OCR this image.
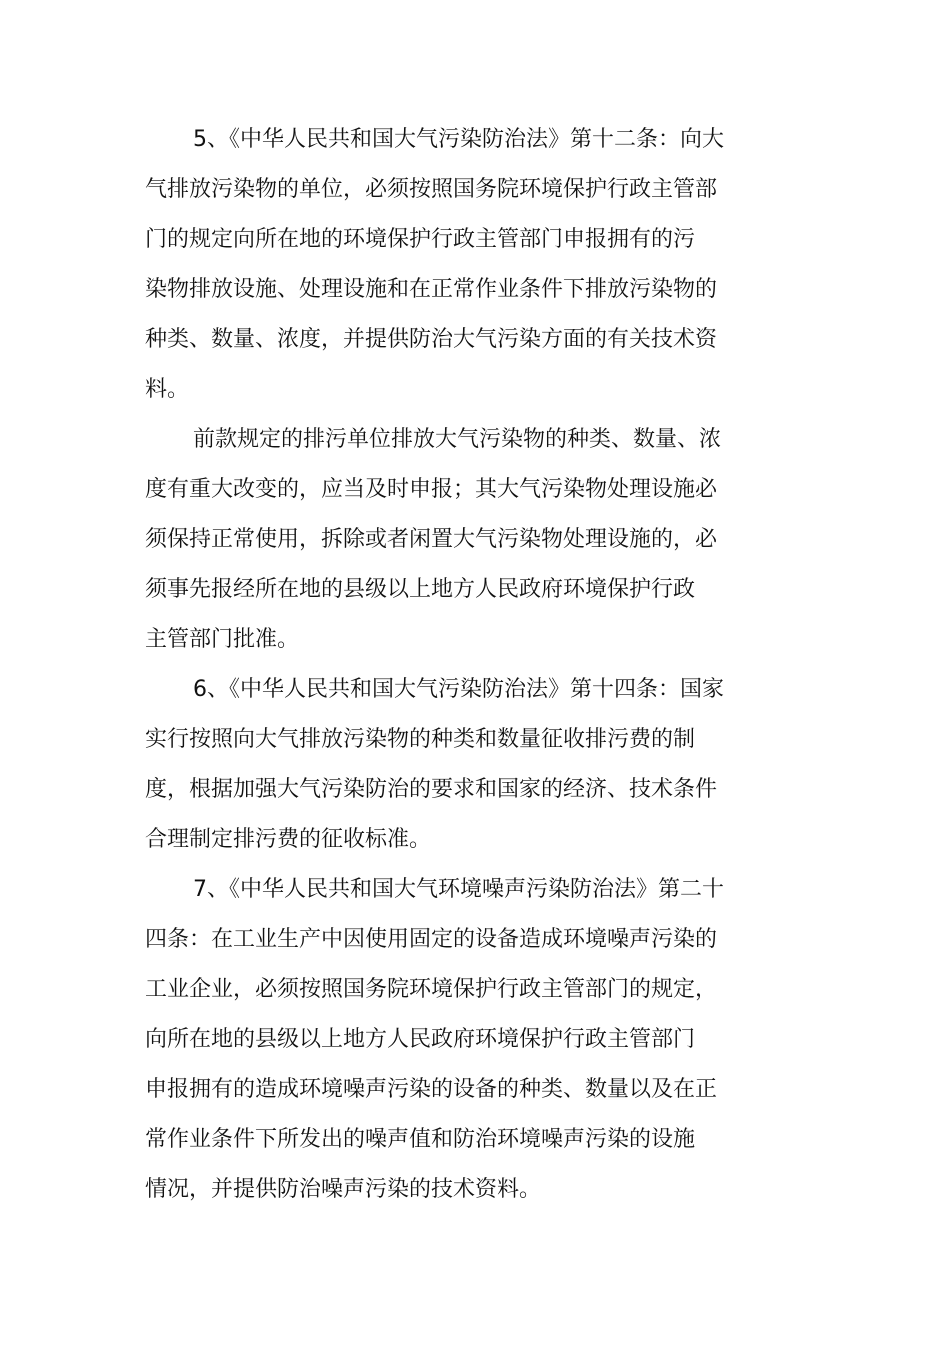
5、《中华人民共和国大气污染防治法》第十二条：向大
气排放污染物的单位，必须按照国务院环境保护行政主管部
门的规定向所在地的环境保护行政主管部门申报拥有的污
染物排放设施、处理设施和在正常作业条件下排放污染物的
种类、数量、浓度，并提供防治大气污染方面的有关技术资
料。
前款规定的排污单位排放大气污染物的种类、数量、浓
度有重大改变的，应当及时申报；其大气污染物处理设施必
须保持正常使用，拆除或者闲置大气污染物处理设施的，必
须事先报经所在地的县级以上地方人民政府环境保护行政
主管部门批准。
6、《中华人民共和国大气污染防治法》第十四条：国家
实行按照向大气排放污染物的种类和数量征收排污费的制
度，根据加强大气污染防治的要求和国家的经济、技术条件
合理制定排污费的征收标准。
7、《中华人民共和国大气环境噪声污染防治法》第二十
四条：在工业生产中因使用固定的设备造成环境噪声污染的
工业企业，必须按照国务院环境保护行政主管部门的规定，
向所在地的县级以上地方人民政府环境保护行政主管部门
申报拥有的造成环境噪声污染的设备的种类、数量以及在正
常作业条件下所发出的噪声值和防治环境噪声污染的设施
情况，并提供防治噪声污染的技术资料。
